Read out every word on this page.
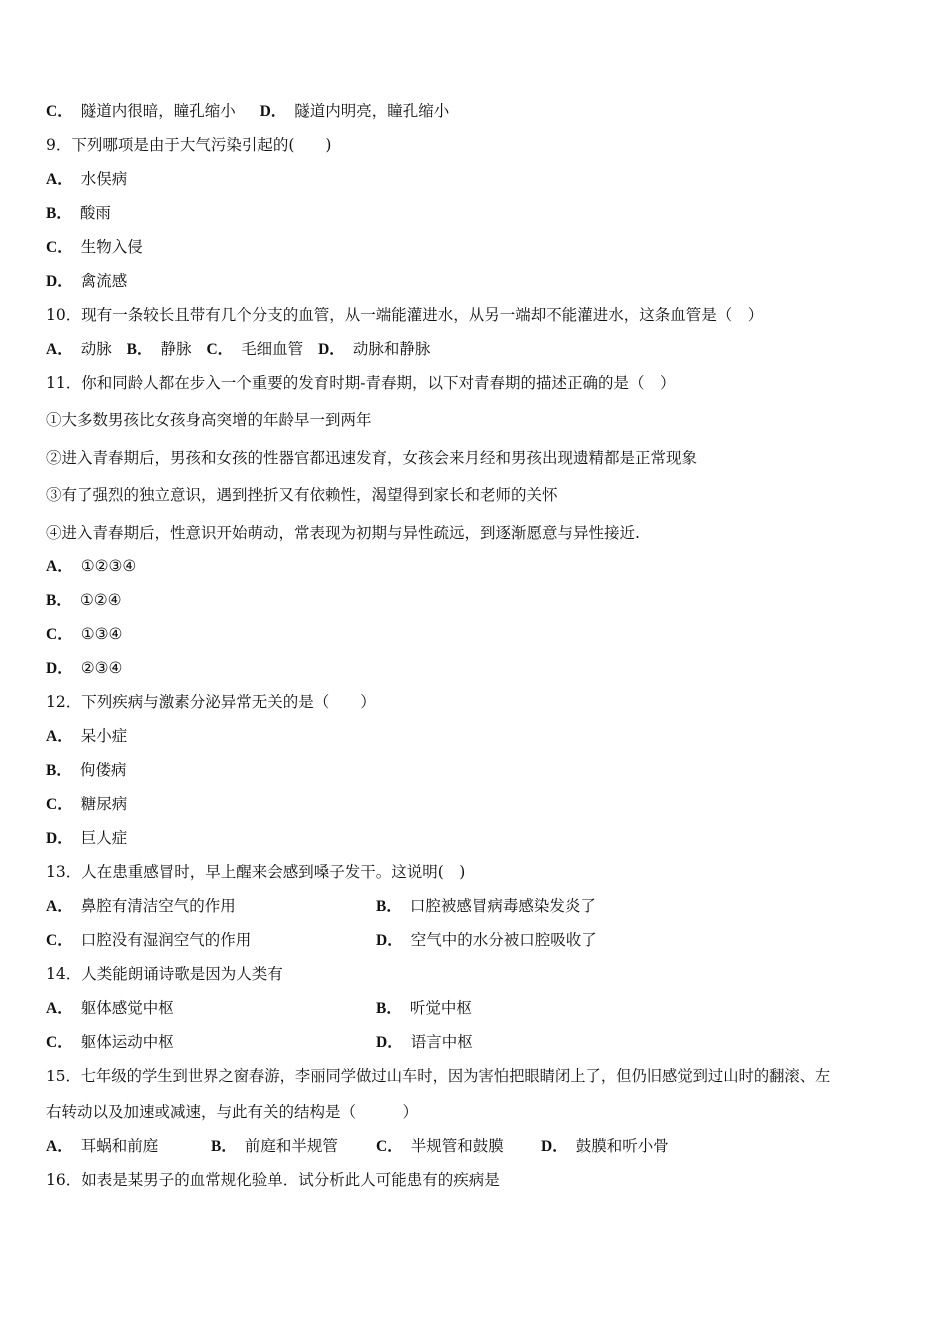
C． 隧道内很暗，瞳孔缩小 D． 隧道内明亮，瞳孔缩小
9．下列哪项是由于大气污染引起的(　　)
A． 水俣病
B． 酸雨
C． 生物入侵
D． 禽流感
10．现有一条较长且带有几个分支的血管，从一端能灌进水，从另一端却不能灌进水，这条血管是（　）
A． 动脉 B． 静脉 C． 毛细血管 D． 动脉和静脉
11．你和同龄人都在步入一个重要的发育时期-青春期，以下对青春期的描述正确的是（　）
①大多数男孩比女孩身高突增的年龄早一到两年
②进入青春期后，男孩和女孩的性器官都迅速发育，女孩会来月经和男孩出现遗精都是正常现象
③有了强烈的独立意识，遇到挫折又有依赖性，渴望得到家长和老师的关怀
④进入青春期后，性意识开始萌动，常表现为初期与异性疏远，到逐渐愿意与异性接近.
A． ①②③④
B． ①②④
C． ①③④
D． ②③④
12．下列疾病与激素分泌异常无关的是（　　）
A． 呆小症
B． 佝偻病
C． 糖尿病
D． 巨人症
13．人在患重感冒时，早上醒来会感到嗓子发干。这说明(　)
A． 鼻腔有清洁空气的作用	B． 口腔被感冒病毒感染发炎了
C． 口腔没有湿润空气的作用	D． 空气中的水分被口腔吸收了
14．人类能朗诵诗歌是因为人类有
A． 躯体感觉中枢	B． 听觉中枢
C． 躯体运动中枢	D． 语言中枢
15．七年级的学生到世界之窗春游，李丽同学做过山车时，因为害怕把眼睛闭上了，但仍旧感觉到过山时的翻滚、左
右转动以及加速或减速，与此有关的结构是（　　　）
A． 耳蜗和前庭	B． 前庭和半规管 C． 半规管和鼓膜 D． 鼓膜和听小骨
16．如表是某男子的血常规化验单．试分析此人可能患有的疾病是
